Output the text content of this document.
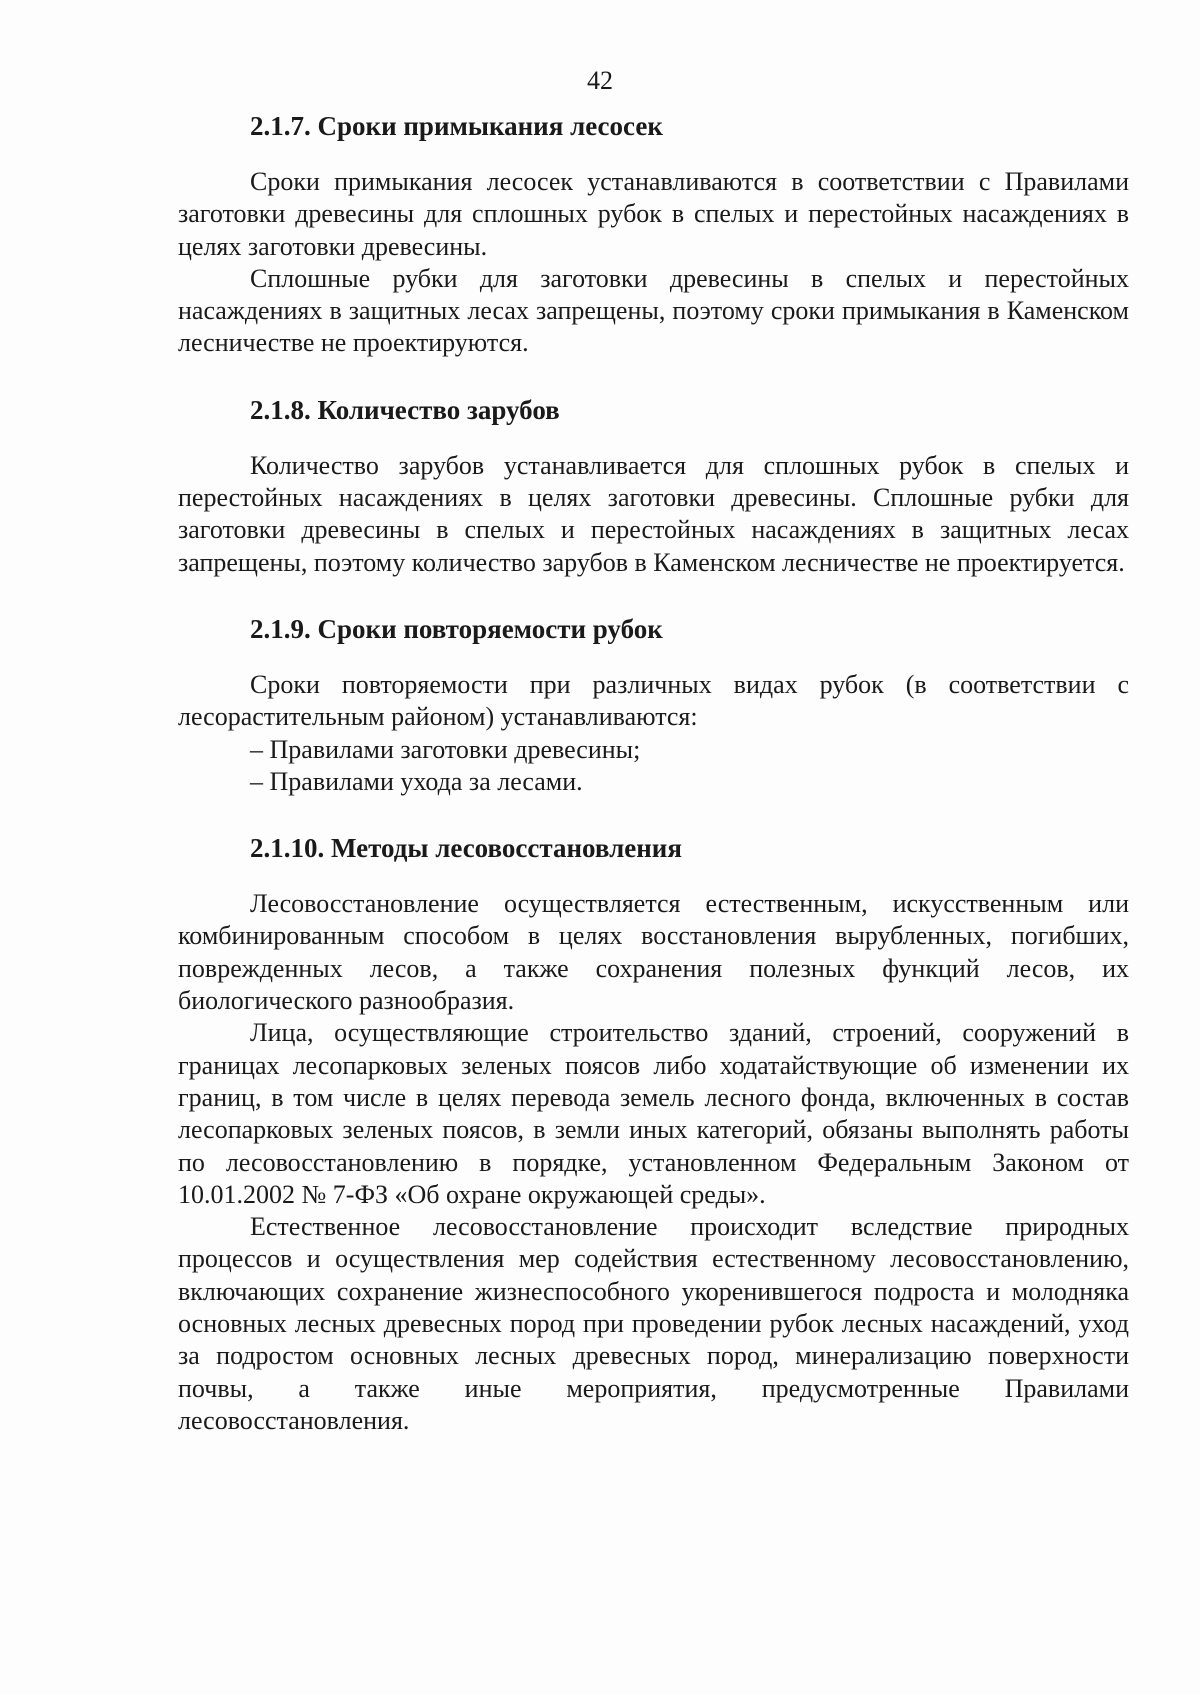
42
2.1.7. Сроки примыкания лесосек

Сроки примыкания лесосек устанавливаются в соответствии с Правилами заготовки древесины для сплошных рубок в спелых и перестойных насаждениях в целях заготовки древесины.

Сплошные рубки для заготовки древесины в спелых и перестойных насаждениях в защитных лесах запрещены, поэтому сроки примыкания в Каменском лесничестве не проектируются.

2.1.8. Количество зарубов

Количество зарубов устанавливается для сплошных рубок в спелых и перестойных насаждениях в целях заготовки древесины. Сплошные рубки для заготовки древесины в спелых и перестойных насаждениях в защитных лесах запрещены, поэтому количество зарубов в Каменском лесничестве не проектируется.

2.1.9. Сроки повторяемости рубок

Сроки повторяемости при различных видах рубок (в соответствии с лесорастительным районом) устанавливаются:

– Правилами заготовки древесины;

– Правилами ухода за лесами.

2.1.10. Методы лесовосстановления

Лесовосстановление осуществляется естественным, искусственным или комбинированным способом в целях восстановления вырубленных, погибших, поврежденных лесов, а также сохранения полезных функций лесов, их биологического разнообразия.

Лица, осуществляющие строительство зданий, строений, сооружений в границах лесопарковых зеленых поясов либо ходатайствующие об изменении их границ, в том числе в целях перевода земель лесного фонда, включенных в состав лесопарковых зеленых поясов, в земли иных категорий, обязаны выполнять работы по лесовосстановлению в порядке, установленном Федеральным Законом от 10.01.2002 № 7-ФЗ «Об охране окружающей среды».

Естественное лесовосстановление происходит вследствие природных процессов и осуществления мер содействия естественному лесовосстановлению, включающих сохранение жизнеспособного укоренившегося подроста и молодняка основных лесных древесных пород при проведении рубок лесных насаждений, уход за подростом основных лесных древесных пород, минерализацию поверхности почвы, а также иные мероприятия, предусмотренные Правилами лесовосстановления.
